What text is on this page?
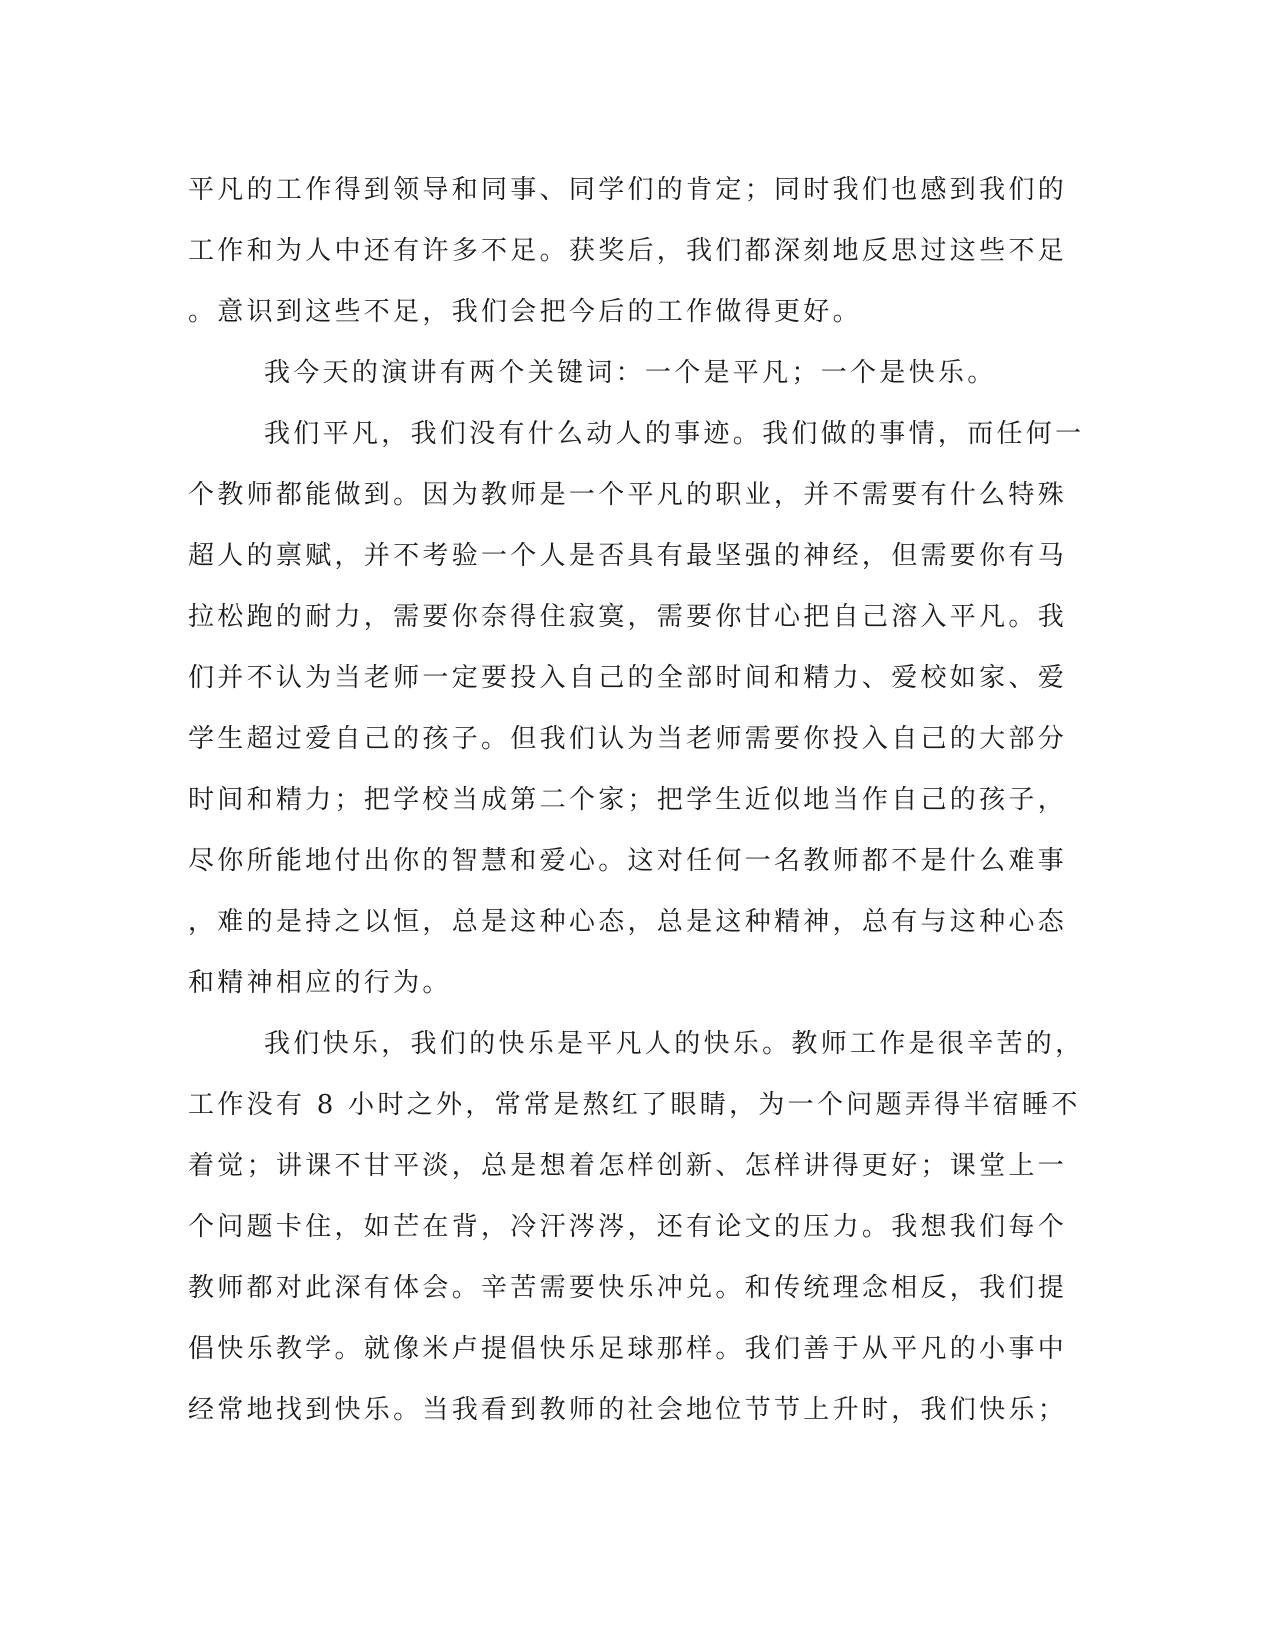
平凡的工作得到领导和同事、同学们的肯定；同时我们也感到我们的
工作和为人中还有许多不足。获奖后，我们都深刻地反思过这些不足
。意识到这些不足，我们会把今后的工作做得更好。
我今天的演讲有两个关键词：一个是平凡；一个是快乐。
我们平凡，我们没有什么动人的事迹。我们做的事情，而任何一
个教师都能做到。因为教师是一个平凡的职业，并不需要有什么特殊
超人的禀赋，并不考验一个人是否具有最坚强的神经，但需要你有马
拉松跑的耐力，需要你奈得住寂寞，需要你甘心把自己溶入平凡。我
们并不认为当老师一定要投入自己的全部时间和精力、爱校如家、爱
学生超过爱自己的孩子。但我们认为当老师需要你投入自己的大部分
时间和精力；把学校当成第二个家；把学生近似地当作自己的孩子，
尽你所能地付出你的智慧和爱心。这对任何一名教师都不是什么难事
，难的是持之以恒，总是这种心态，总是这种精神，总有与这种心态
和精神相应的行为。
我们快乐，我们的快乐是平凡人的快乐。教师工作是很辛苦的，
工作没有 8 小时之外，常常是熬红了眼睛，为一个问题弄得半宿睡不
着觉；讲课不甘平淡，总是想着怎样创新、怎样讲得更好；课堂上一
个问题卡住，如芒在背，冷汗涔涔，还有论文的压力。我想我们每个
教师都对此深有体会。辛苦需要快乐冲兑。和传统理念相反，我们提
倡快乐教学。就像米卢提倡快乐足球那样。我们善于从平凡的小事中
经常地找到快乐。当我看到教师的社会地位节节上升时，我们快乐；
